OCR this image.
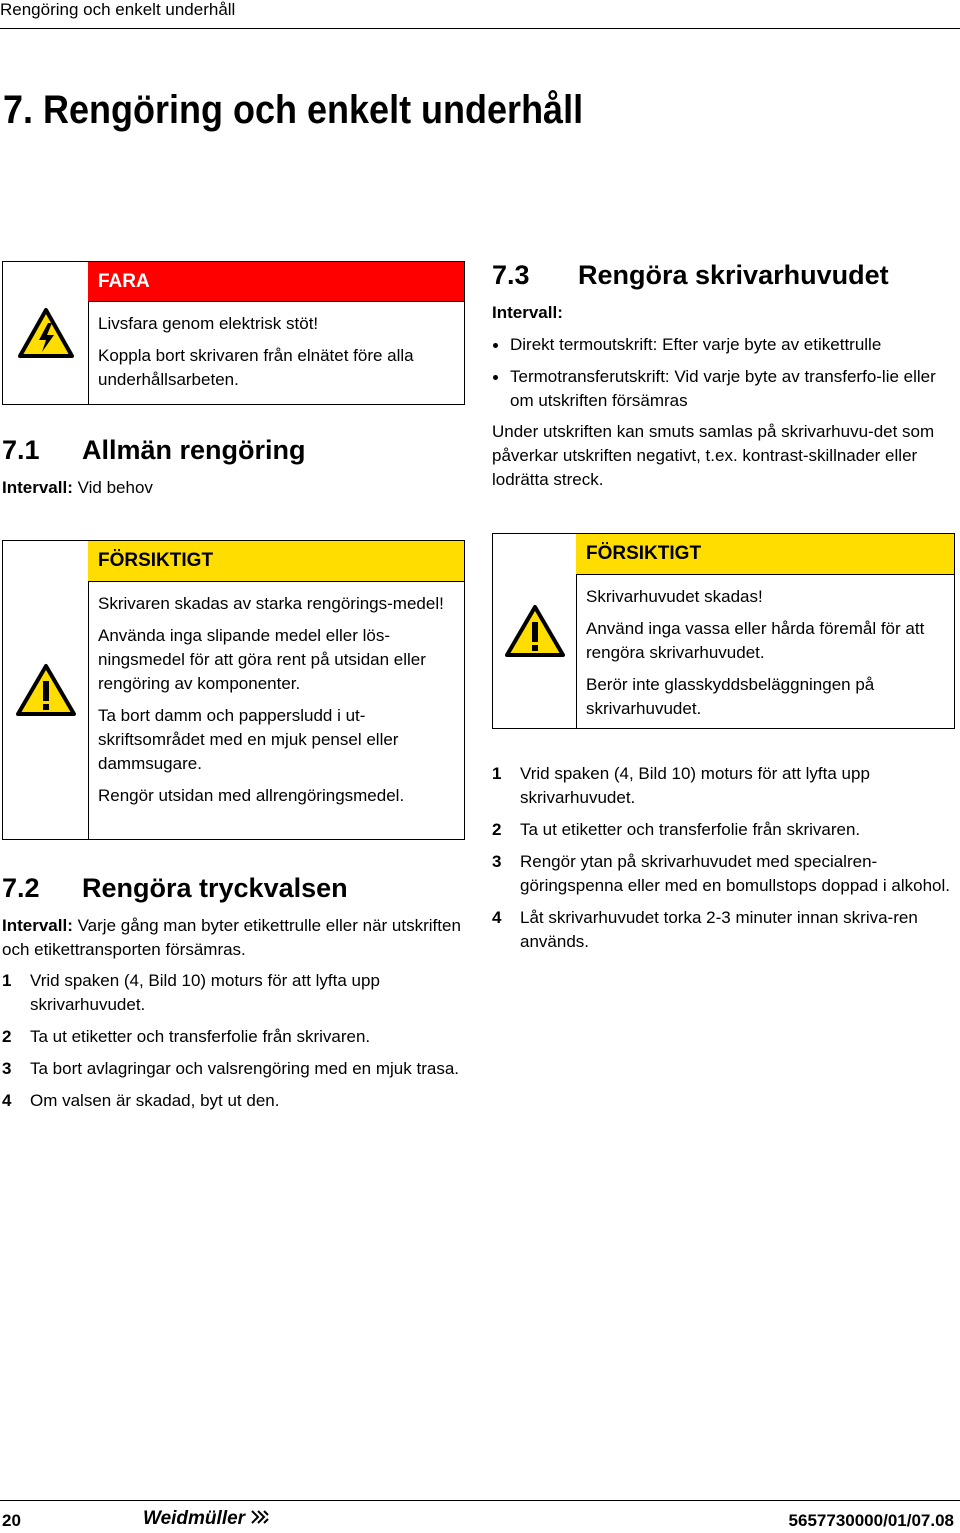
Rengöring och enkelt underhåll
7. Rengöring och enkelt underhåll
FARA

Livsfara genom elektrisk stöt!

Koppla bort skrivaren från elnätet före alla underhållsarbeten.

7.1 Allmän rengöring
Intervall: Vid behov
FÖRSIKTIGT

Skrivaren skadas av starka rengörings-medel!

Använda inga slipande medel eller lös-ningsmedel för att göra rent på utsidan eller rengöring av komponenter.

Ta bort damm och pappersludd i ut-skriftsområdet med en mjuk pensel eller dammsugare.

Rengör utsidan med allrengöringsmedel.

7.2 Rengöra tryckvalsen
Intervall: Varje gång man byter etikettrulle eller när utskriften och etikettransporten försämras.
1 Vrid spaken (4, Bild 10) moturs för att lyfta upp skrivarhuvudet.
2 Ta ut etiketter och transferfolie från skrivaren.
3 Ta bort avlagringar och valsrengöring med en mjuk trasa.
4 Om valsen är skadad, byt ut den.
7.3 Rengöra skrivarhuvudet
Intervall:
Direkt termoutskrift: Efter varje byte av etikettrulle
Termotransferutskrift: Vid varje byte av transferfo-lie eller om utskriften försämras
Under utskriften kan smuts samlas på skrivarhuvu-det som påverkar utskriften negativt, t.ex. kontrast-skillnader eller lodrätta streck.
FÖRSIKTIGT

Skrivarhuvudet skadas!

Använd inga vassa eller hårda föremål för att rengöra skrivarhuvudet.

Berör inte glasskyddsbeläggningen på skrivarhuvudet.

1 Vrid spaken (4, Bild 10) moturs för att lyfta upp skrivarhuvudet.
2 Ta ut etiketter och transferfolie från skrivaren.
3 Rengör ytan på skrivarhuvudet med specialren-göringspenna eller med en bomullstops doppad i alkohol.
4 Låt skrivarhuvudet torka 2-3 minuter innan skriva-ren används.
20	Weidmüller	5657730000/01/07.08
